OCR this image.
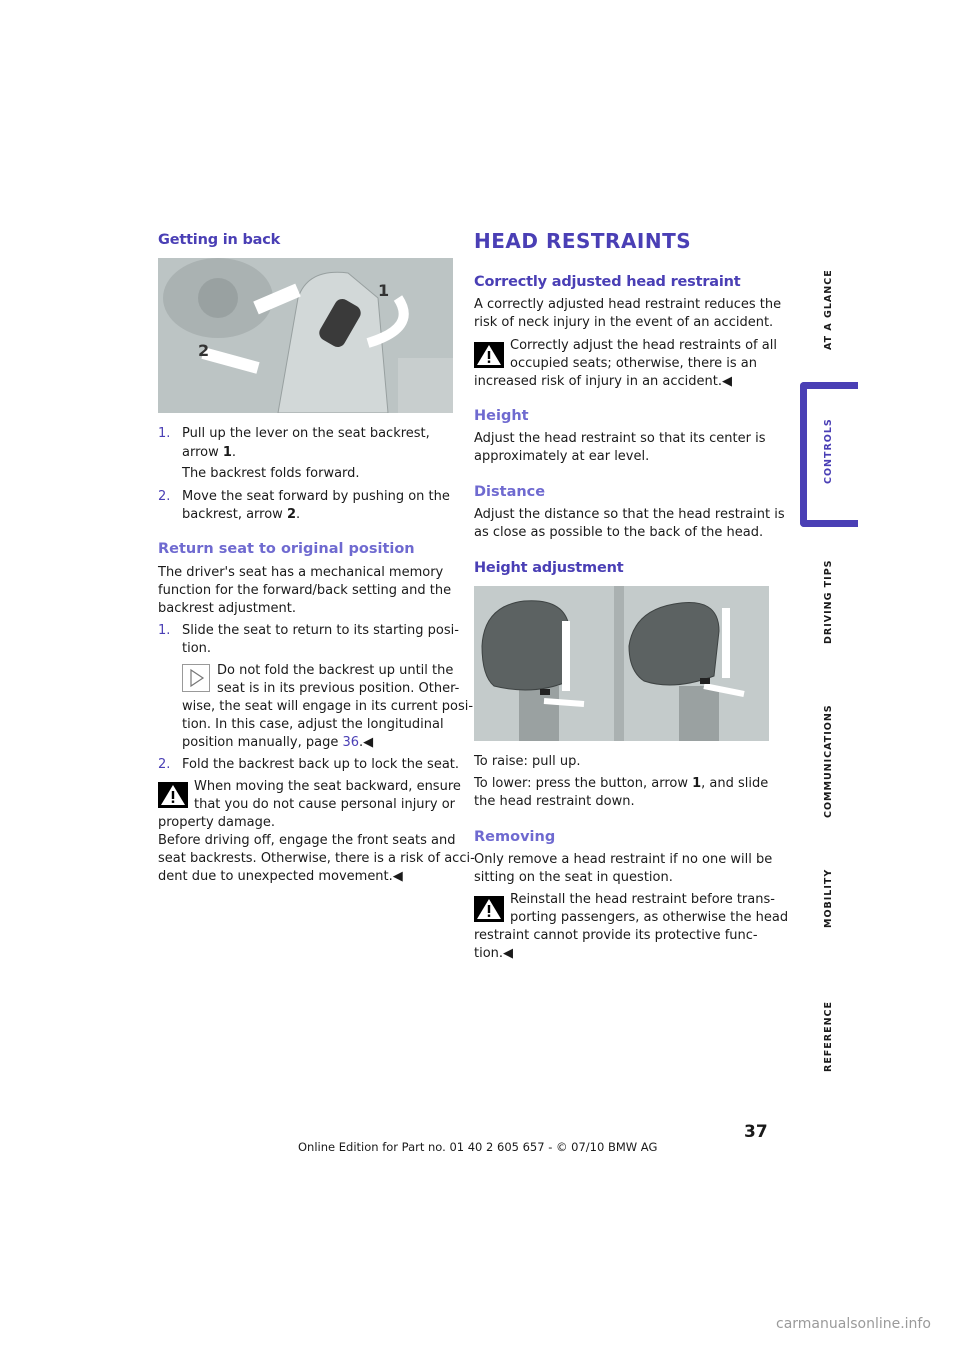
Getting in back
2
1
1. Pull up the lever on the seat backrest,
arrow 1.
The backrest folds forward.
2. Move the seat forward by pushing on the
backrest, arrow 2.
Return seat to original position
The driver's seat has a mechanical memory
function for the forward/back setting and the
backrest adjustment.
1. Slide the seat to return to its starting posi-
tion.
Do not fold the backrest up until the
seat is in its previous position. Other-
wise, the seat will engage in its current posi-
tion. In this case, adjust the longitudinal
position manually, page 36.◀
2. Fold the backrest back up to lock the seat.
When moving the seat backward, ensure
that you do not cause personal injury or
property damage.
Before driving off, engage the front seats and
seat backrests. Otherwise, there is a risk of acci-
dent due to unexpected movement.◀
HEAD RESTRAINTS
Correctly adjusted head restraint
A correctly adjusted head restraint reduces the
risk of neck injury in the event of an accident.
Correctly adjust the head restraints of all
occupied seats; otherwise, there is an
increased risk of injury in an accident.◀
Height
Adjust the head restraint so that its center is
approximately at ear level.
Distance
Adjust the distance so that the head restraint is
as close as possible to the back of the head.
Height adjustment
To raise: pull up.
To lower: press the button, arrow 1, and slide
the head restraint down.
Removing
Only remove a head restraint if no one will be
sitting on the seat in question.
Reinstall the head restraint before trans-
porting passengers, as otherwise the head
restraint cannot provide its protective func-
tion.◀
AT A GLANCE
CONTROLS
DRIVING TIPS
COMMUNICATIONS
MOBILITY
REFERENCE
37
Online Edition for Part no. 01 40 2 605 657 - © 07/10 BMW AG
carmanualsonline.info
